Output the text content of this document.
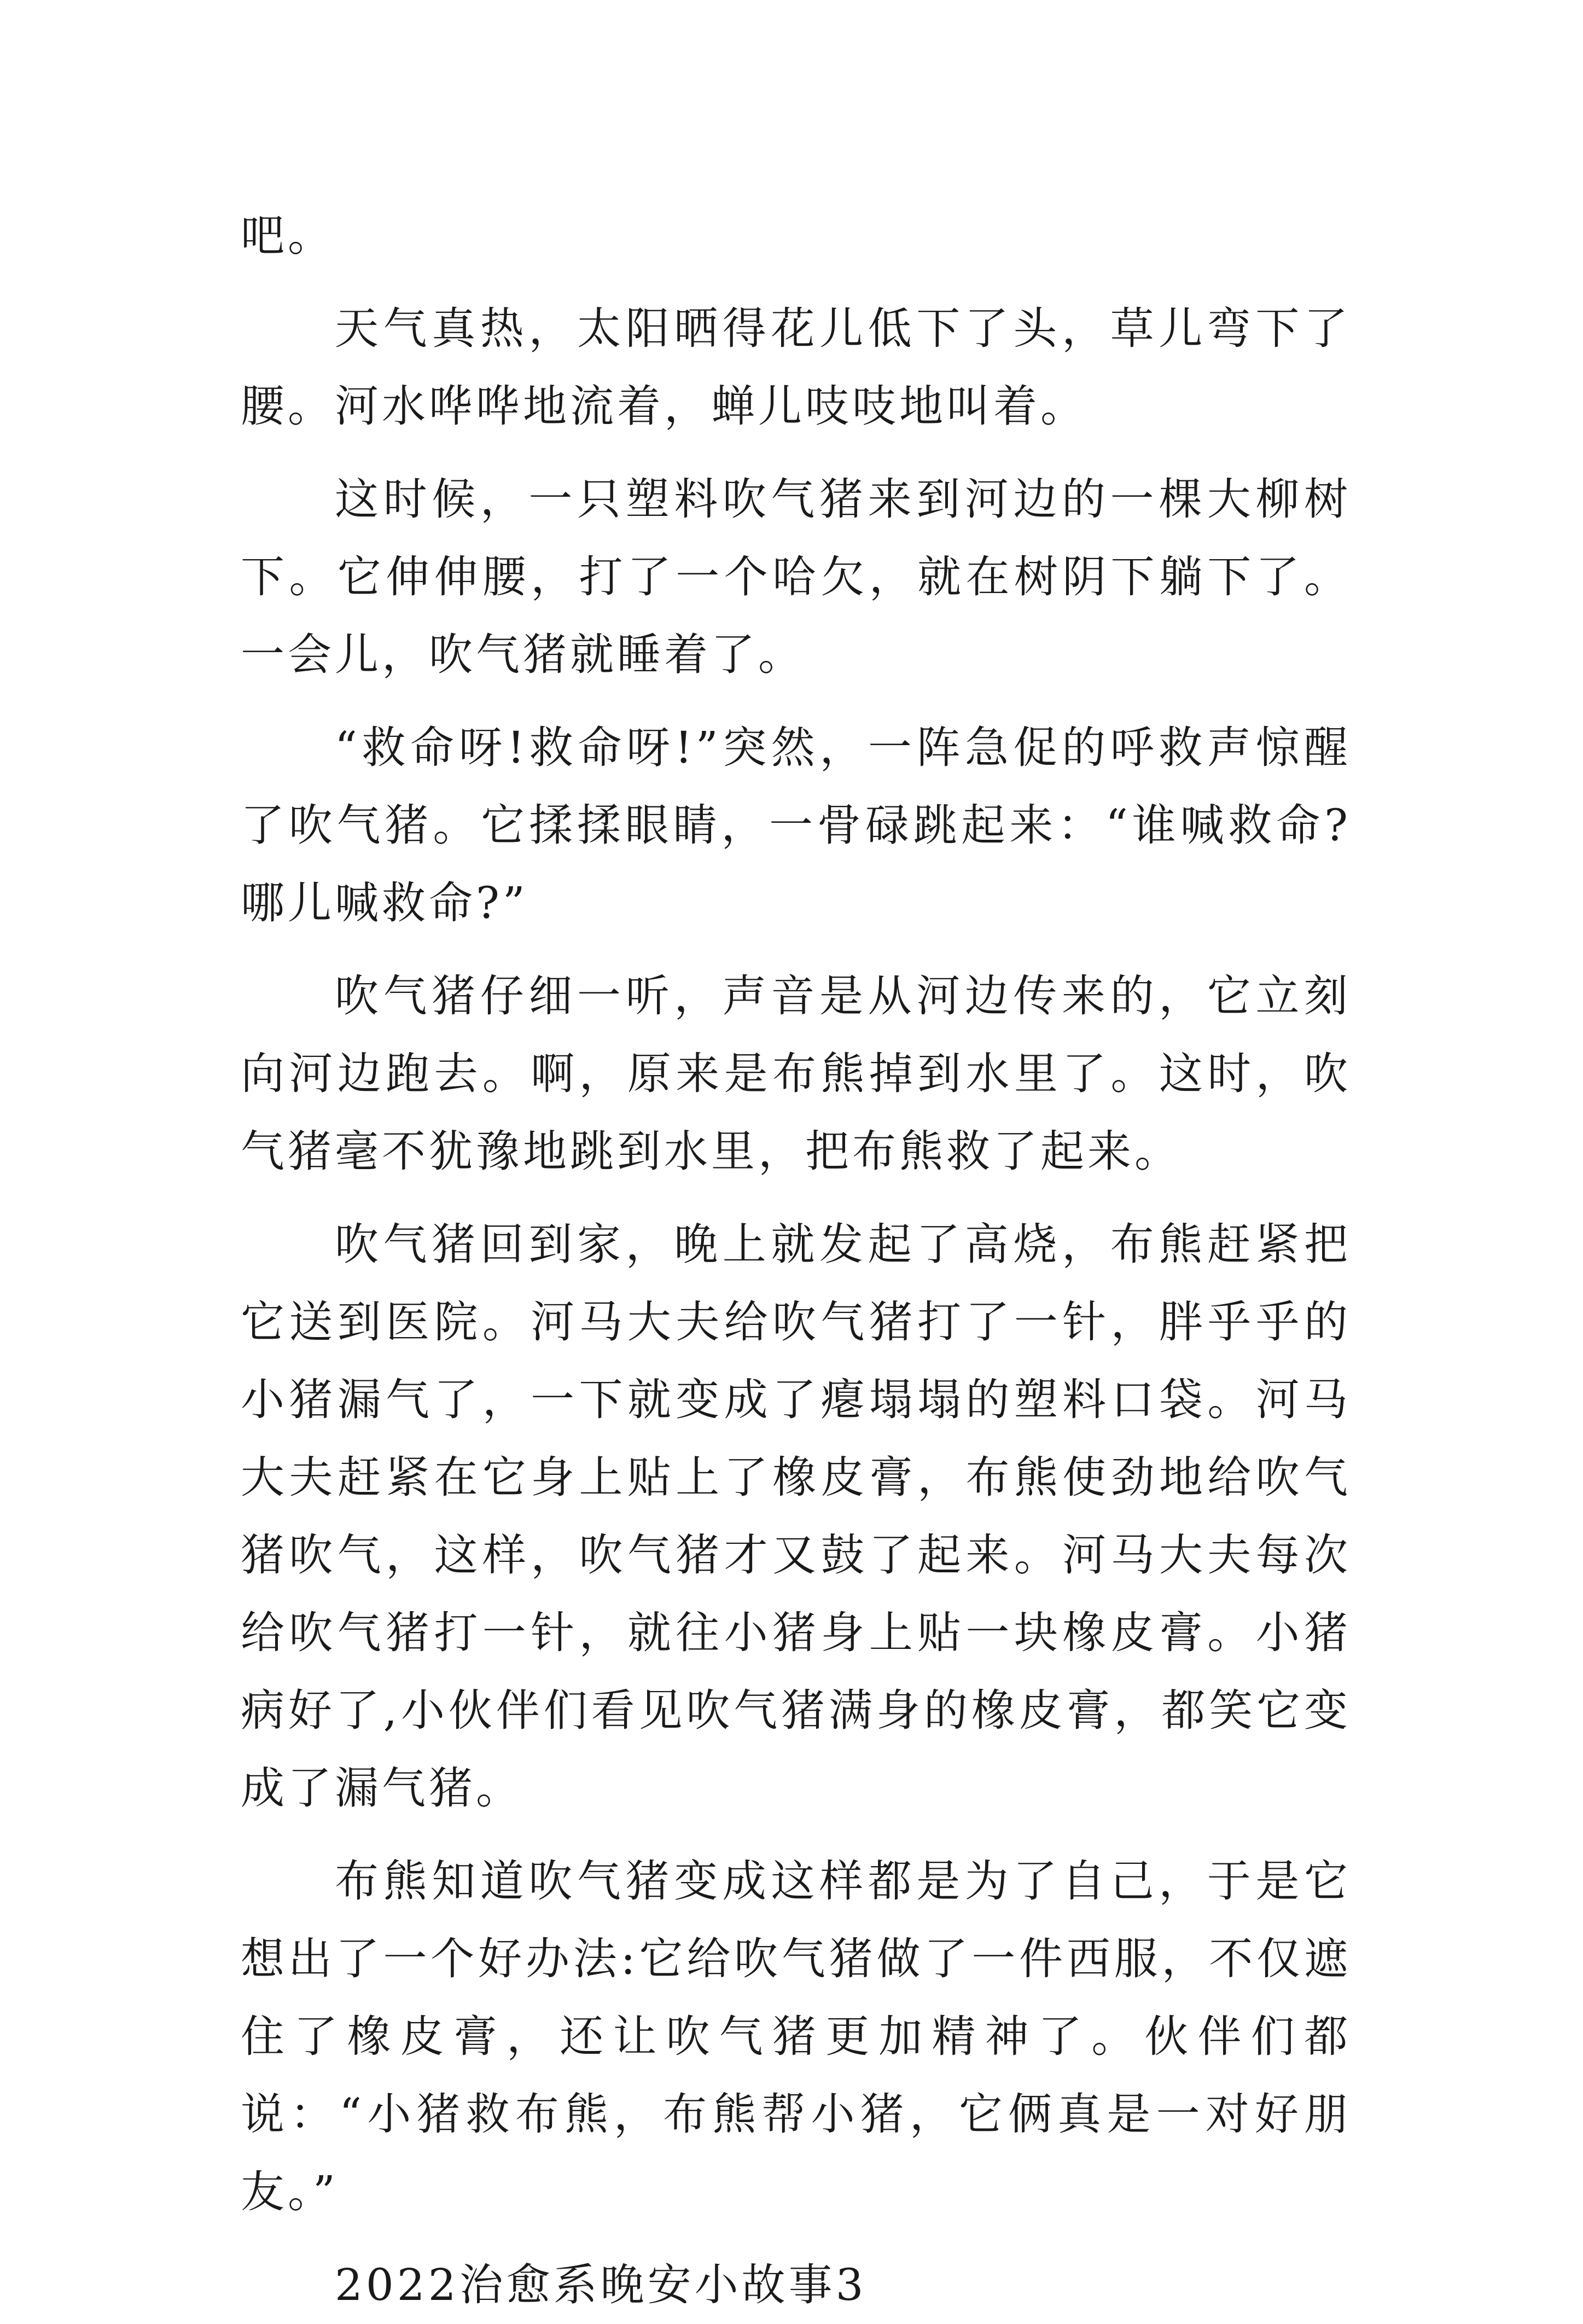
吧。

天气真热，太阳晒得花儿低下了头，草儿弯下了腰。河水哗哗地流着，蝉儿吱吱地叫着。

这时候，一只塑料吹气猪来到河边的一棵大柳树下。它伸伸腰，打了一个哈欠，就在树阴下躺下了。一会儿，吹气猪就睡着了。

“救命呀!救命呀!”突然，一阵急促的呼救声惊醒了吹气猪。它揉揉眼睛，一骨碌跳起来：“谁喊救命?哪儿喊救命?”

吹气猪仔细一听，声音是从河边传来的，它立刻向河边跑去。啊，原来是布熊掉到水里了。这时，吹气猪毫不犹豫地跳到水里，把布熊救了起来。

吹气猪回到家，晚上就发起了高烧，布熊赶紧把它送到医院。河马大夫给吹气猪打了一针，胖乎乎的小猪漏气了，一下就变成了瘪塌塌的塑料口袋。河马大夫赶紧在它身上贴上了橡皮膏，布熊使劲地给吹气猪吹气，这样，吹气猪才又鼓了起来。河马大夫每次给吹气猪打一针，就往小猪身上贴一块橡皮膏。小猪病好了,小伙伴们看见吹气猪满身的橡皮膏，都笑它变成了漏气猪。

布熊知道吹气猪变成这样都是为了自己，于是它想出了一个好办法:它给吹气猪做了一件西服，不仅遮住了橡皮膏，还让吹气猪更加精神了。伙伴们都说：“小猪救布熊，布熊帮小猪，它俩真是一对好朋友。”

2022治愈系晚安小故事3
